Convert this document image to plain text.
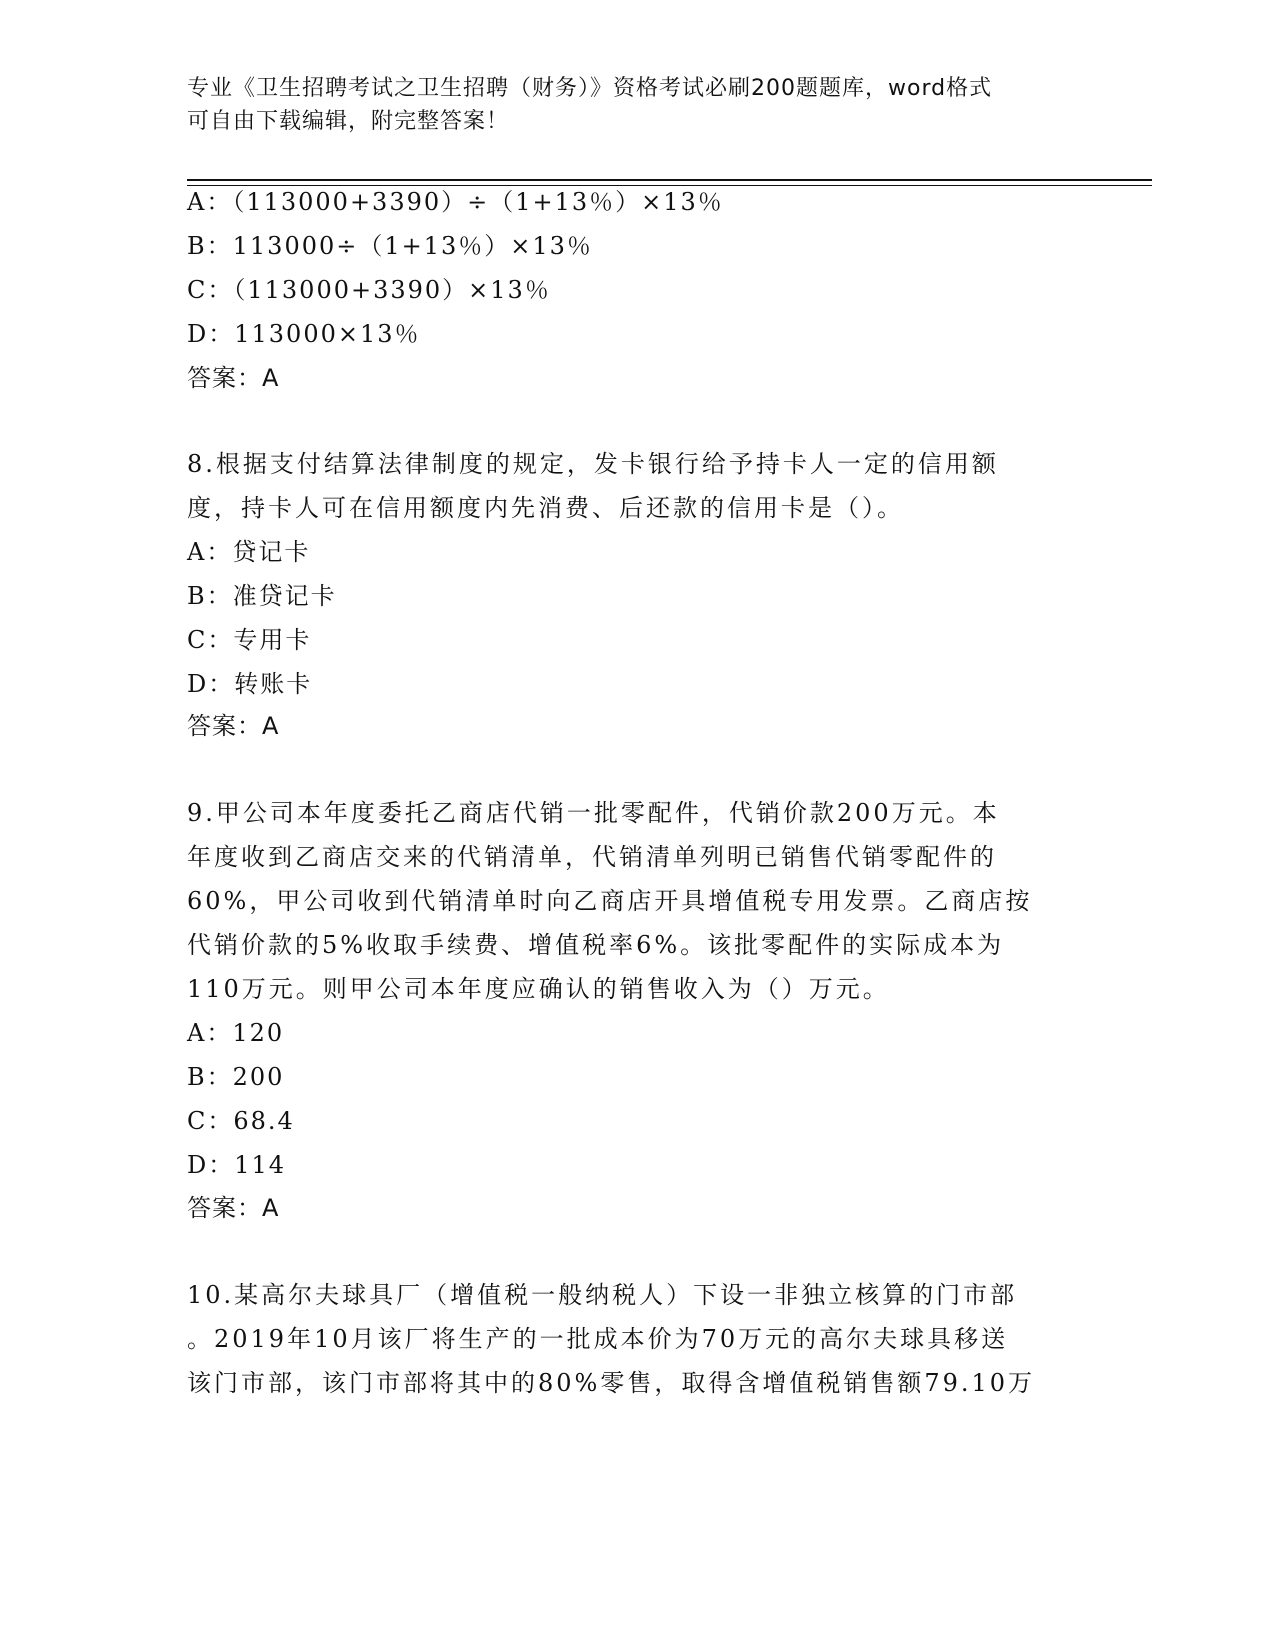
专业《卫生招聘考试之卫生招聘（财务）》资格考试必刷200题题库，word格式
可自由下载编辑，附完整答案！
A：（113000+3390）÷（1+13％）×13％
B：113000÷（1+13％）×13％
C：（113000+3390）×13％
D：113000×13％
答案：A
8.根据支付结算法律制度的规定，发卡银行给予持卡人一定的信用额
度，持卡人可在信用额度内先消费、后还款的信用卡是（）。
A：贷记卡
B：准贷记卡
C：专用卡
D：转账卡
答案：A
9.甲公司本年度委托乙商店代销一批零配件，代销价款200万元。本
年度收到乙商店交来的代销清单，代销清单列明已销售代销零配件的
60%，甲公司收到代销清单时向乙商店开具增值税专用发票。乙商店按
代销价款的5%收取手续费、增值税率6%。该批零配件的实际成本为
110万元。则甲公司本年度应确认的销售收入为（）万元。
A：120
B：200
C：68.4
D：114
答案：A
10.某高尔夫球具厂（增值税一般纳税人）下设一非独立核算的门市部
。2019年10月该厂将生产的一批成本价为70万元的高尔夫球具移送
该门市部，该门市部将其中的80%零售，取得含增值税销售额79.10万
